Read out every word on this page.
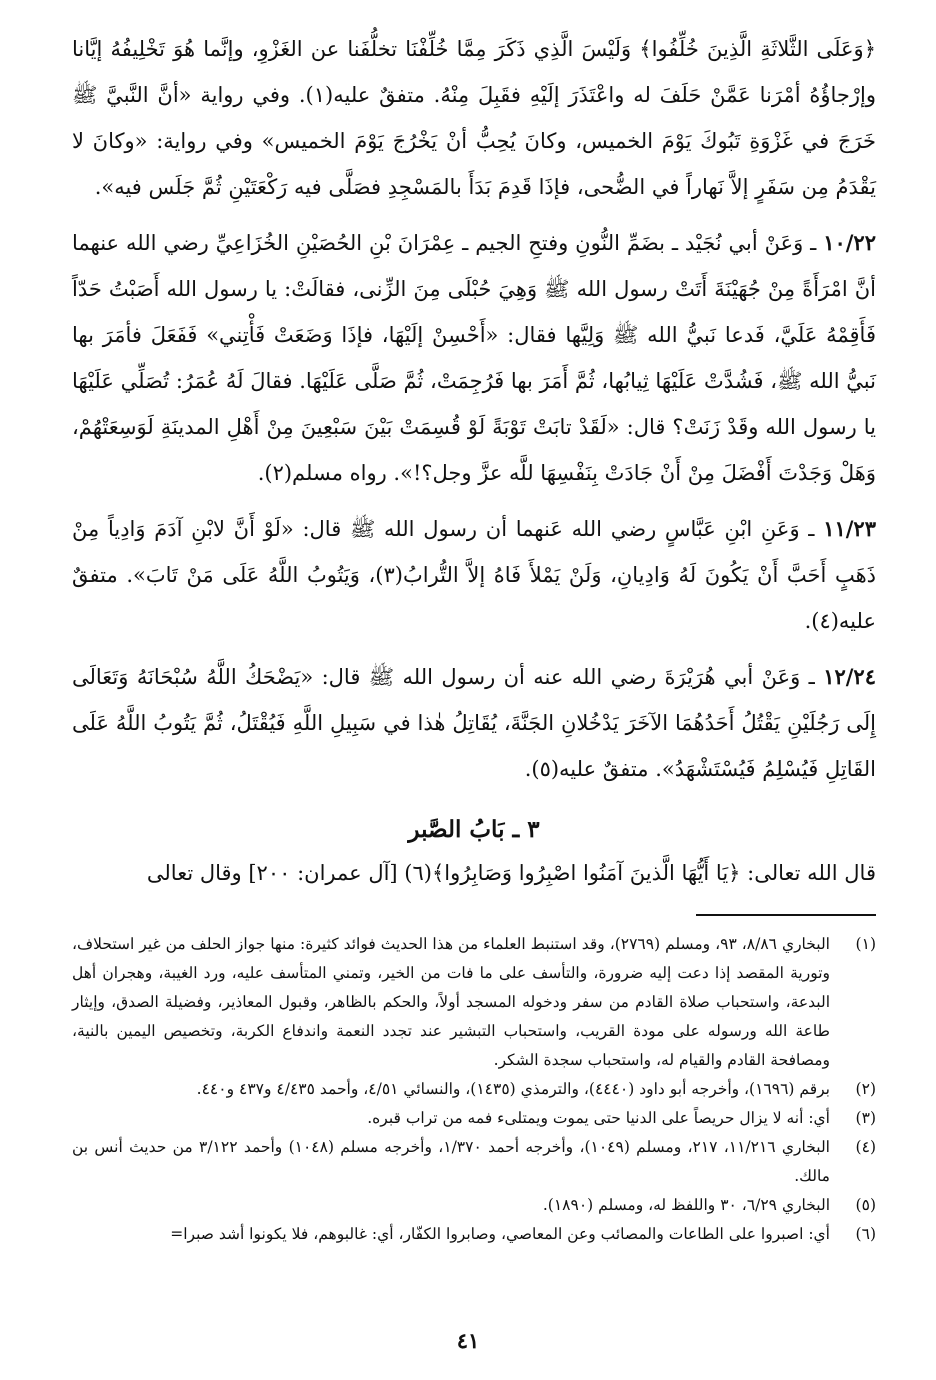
﴿وَعَلَى الثَّلاثَةِ الَّذِينَ خُلِّفُوا﴾ وَلَيْسَ الَّذِي ذَكَرَ مِمَّا خُلِّفْنَا تخلُّفَنا عن الغَزْوِ، وإنَّما هُوَ تَخْلِيفُهُ إيَّانا وإرْجاؤُهُ أمْرَنا عَمَّنْ حَلَفَ له واعْتَذَرَ إلَيْهِ فقَبِلَ مِنْهُ. متفقٌ عليه(١). وفي رواية «أنَّ النَّبيَّ ﷺ خَرَجَ في غَزْوَةِ تَبُوكَ يَوْمَ الخميس، وكانَ يُحِبُّ أنْ يَخْرُجَ يَوْمَ الخميس» وفي رواية: «وكانَ لا يَقْدَمُ مِن سَفَرٍ إلاَّ نَهاراً في الضُّحى، فإذَا قَدِمَ بَدَأَ بالمَسْجِدِ فصَلَّى فيه رَكْعَتَيْنِ ثُمَّ جَلَس فيه».

١٠/٢٢ ـ وَعَنْ أبي نُجَيْد ـ بضَمِّ النُّونِ وفتحِ الجيم ـ عِمْرَانَ بْنِ الحُصَيْنِ الخُزَاعِيِّ رضي الله عنهما أنَّ امْرَأَةً مِنْ جُهَيْنَةَ أَتَتْ رسول الله ﷺ وَهِيَ حُبْلَى مِنَ الزِّنى، فقالَتْ: يا رسول الله أَصَبْتُ حَدّاً فَأَقِمْهُ عَلَيَّ، فَدعا نَبيُّ الله ﷺ وَلِيَّها فقال: «أَحْسِنْ إلَيْهَا، فإذَا وَضَعَتْ فَأْتِني» فَفَعَلَ فأمَرَ بها نَبيُّ الله ﷺ، فَشُدَّتْ عَلَيْهَا ثِيابُها، ثُمَّ أَمَرَ بها فَرُجِمَتْ، ثُمَّ صَلَّى عَلَيْهَا. فقالَ لَهُ عُمَرُ: تُصَلِّي عَلَيْهَا يا رسول الله وقَدْ زَنَتْ؟ قال: «لَقَدْ تابَتْ تَوْبَةً لَوْ قُسِمَتْ بَيْنَ سَبْعِينَ مِنْ أَهْلِ المدينَةِ لَوَسِعَتْهُمْ، وَهَلْ وَجَدْتَ أَفْضَلَ مِنْ أَنْ جَادَتْ بِنَفْسِهَا للَّه عزَّ وجل؟!». رواه مسلم(٢).

١١/٢٣ ـ وَعَنِ ابْنِ عَبَّاسٍ رضي الله عَنهما أن رسول الله ﷺ قال: «لَوْ أَنَّ لابْنِ آدَمَ وَادِياً مِنْ ذَهَبٍ أَحَبَّ أَنْ يَكُونَ لَهُ وَادِيانِ، وَلَنْ يَمْلأَ فَاهُ إلاَّ التُّرابُ(٣)، وَيَتُوبُ اللَّهُ عَلَى مَنْ تَابَ». متفقٌ عليه(٤).

١٢/٢٤ ـ وَعَنْ أبي هُرَيْرَةَ رضي الله عنه أن رسول الله ﷺ قال: «يَضْحَكُ اللَّهُ سُبْحَانَهُ وَتَعَالَى إِلَى رَجُلَيْنِ يَقْتُلُ أَحَدُهُمَا الآخَرَ يَدْخُلانِ الجَنَّةَ، يُقَاتِلُ هٰذا في سَبِيلِ اللَّهِ فَيُقْتَلُ، ثُمَّ يَتُوبُ اللَّهُ عَلَى القَاتِلِ فَيُسْلِمُ فَيُسْتَشْهَدُ». متفقٌ عليه(٥).

٣ ـ بَابُ الصَّبر

قال الله تعالى: ﴿يَا أَيُّهَا الَّذينَ آمَنُوا اصْبِرُوا وَصَابِرُوا﴾(٦) [آل عمران: ٢٠٠] وقال تعالى

(١)
البخاري ٨/٨٦، ٩٣، ومسلم (٢٧٦٩)، وقد استنبط العلماء من هذا الحديث فوائد كثيرة: منها جواز الحلف من غير استحلاف، وتورية المقصد إذا دعت إليه ضرورة، والتأسف على ما فات من الخير، وتمني المتأسف عليه، ورد الغيبة، وهجران أهل البدعة، واستحباب صلاة القادم من سفر ودخوله المسجد أولاً، والحكم بالظاهر، وقبول المعاذير، وفضيلة الصدق، وإيثار طاعة الله ورسوله على مودة القريب، واستحباب التبشير عند تجدد النعمة واندفاع الكربة، وتخصيص اليمين بالنية، ومصافحة القادم والقيام له، واستحباب سجدة الشكر.
(٢)
برقم (١٦٩٦)، وأخرجه أبو داود (٤٤٤٠)، والترمذي (١٤٣٥)، والنسائي ٤/٥١، وأحمد ٤/٤٣٥ و٤٣٧ و٤٤٠.
(٣)
أي: أنه لا يزال حريصاً على الدنيا حتى يموت ويمتلىء فمه من تراب قبره.
(٤)
البخاري ١١/٢١٦، ٢١٧، ومسلم (١٠٤٩)، وأخرجه أحمد ١/٣٧٠، وأخرجه مسلم (١٠٤٨) وأحمد ٣/١٢٢ من حديث أنس بن مالك.
(٥)
البخاري ٦/٢٩، ٣٠ واللفظ له، ومسلم (١٨٩٠).
(٦)
أي: اصبروا على الطاعات والمصائب وعن المعاصي، وصابروا الكفّار، أي: غالبوهم، فلا يكونوا أشد صبرا=
٤١
